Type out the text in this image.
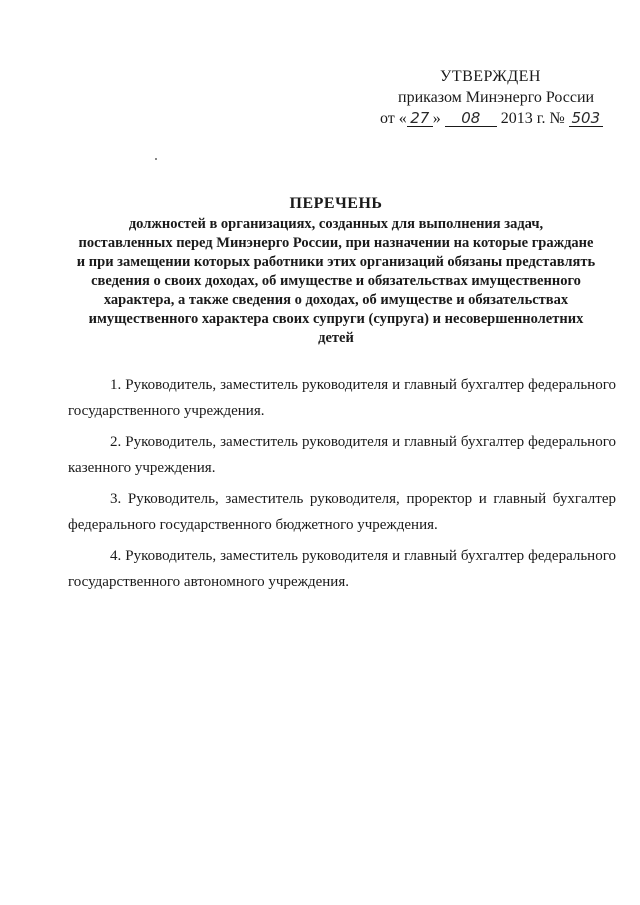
УТВЕРЖДЕН
приказом Минэнерго России
от « 27 » 08 2013 г. № 503
ПЕРЕЧЕНЬ
должностей в организациях, созданных для выполнения задач,
поставленных перед Минэнерго России, при назначении на которые граждане
и при замещении которых работники этих организаций обязаны представлять
сведения о своих доходах, об имуществе и обязательствах имущественного
характера, а также сведения о доходах, об имуществе и обязательствах
имущественного характера своих супруги (супруга) и несовершеннолетних
детей
1. Руководитель, заместитель руководителя и главный бухгалтер федерального
государственного учреждения.
2. Руководитель, заместитель руководителя и главный бухгалтер федерального
казенного учреждения.
3. Руководитель, заместитель руководителя, проректор и главный бухгалтер
федерального государственного бюджетного учреждения.
4. Руководитель, заместитель руководителя и главный бухгалтер федерального
государственного автономного учреждения.
